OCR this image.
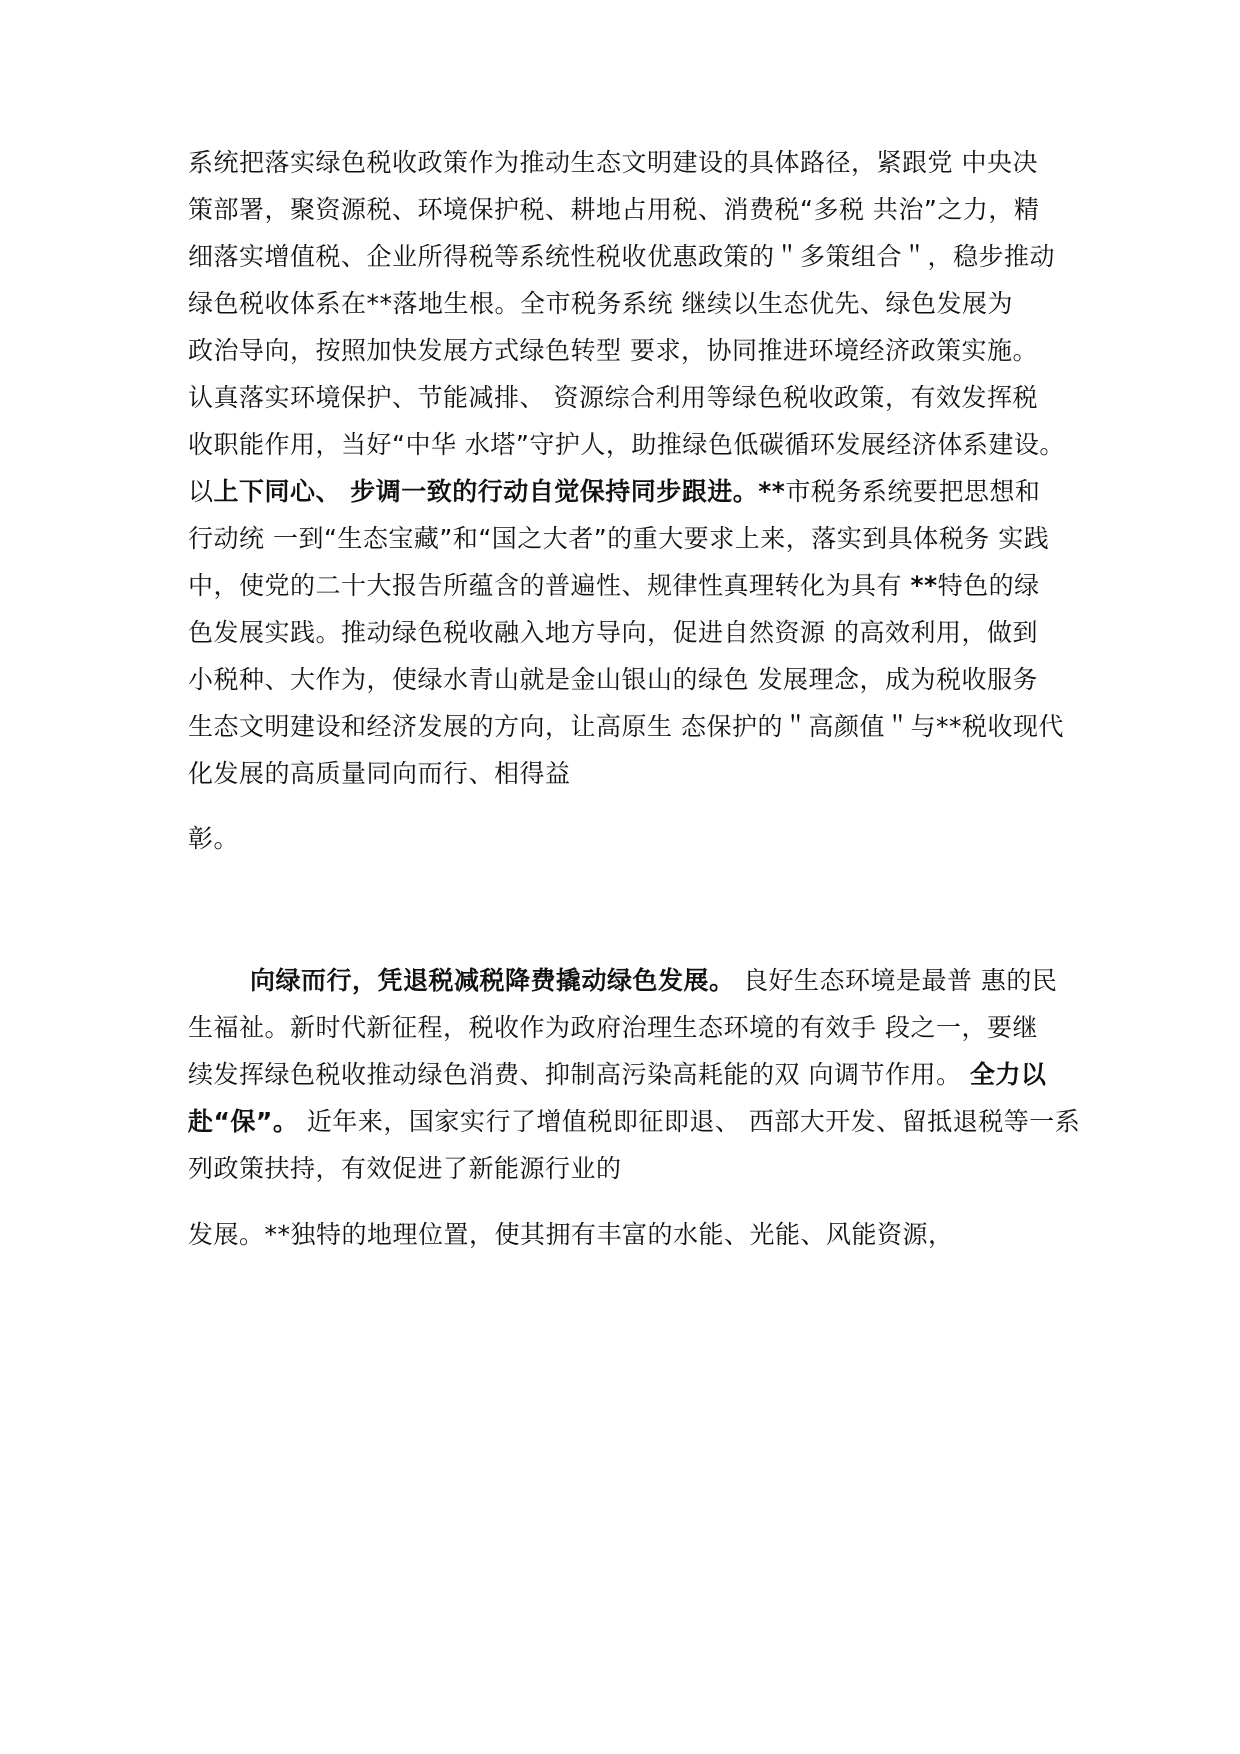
系统把落实绿色税收政策作为推动生态文明建设的具体路径，紧跟党 中央决

策部署，聚资源税、环境保护税、耕地占用税、消费税“多税 共治”之力，精

细落实增值税、企业所得税等系统性税收优惠政策的＂多策组合＂，稳步推动

绿色税收体系在**落地生根。全市税务系统 继续以生态优先、绿色发展为

政治导向，按照加快发展方式绿色转型 要求，协同推进环境经济政策实施。

认真落实环境保护、节能减排、 资源综合利用等绿色税收政策，有效发挥税

收职能作用，当好“中华 水塔”守护人，助推绿色低碳循环发展经济体系建设。

以上下同心、 步调一致的行动自觉保持同步跟进。**市税务系统要把思想和

行动统 一到“生态宝藏”和“国之大者”的重大要求上来，落实到具体税务 实践

中，使党的二十大报告所蕴含的普遍性、规律性真理转化为具有 **特色的绿

色发展实践。推动绿色税收融入地方导向，促进自然资源 的高效利用，做到

小税种、大作为，使绿水青山就是金山银山的绿色 发展理念，成为税收服务

生态文明建设和经济发展的方向，让高原生 态保护的＂高颜值＂与**税收现代

化发展的高质量同向而行、相得益

彰。

向绿而行，凭退税减税降费撬动绿色发展。 良好生态环境是最普 惠的民

生福祉。新时代新征程，税收作为政府治理生态环境的有效手 段之一，要继

续发挥绿色税收推动绿色消费、抑制高污染高耗能的双 向调节作用。 全力以

赴“保”。 近年来，国家实行了增值税即征即退、 西部大开发、留抵退税等一系

列政策扶持，有效促进了新能源行业的

发展。**独特的地理位置，使其拥有丰富的水能、光能、风能资源，
